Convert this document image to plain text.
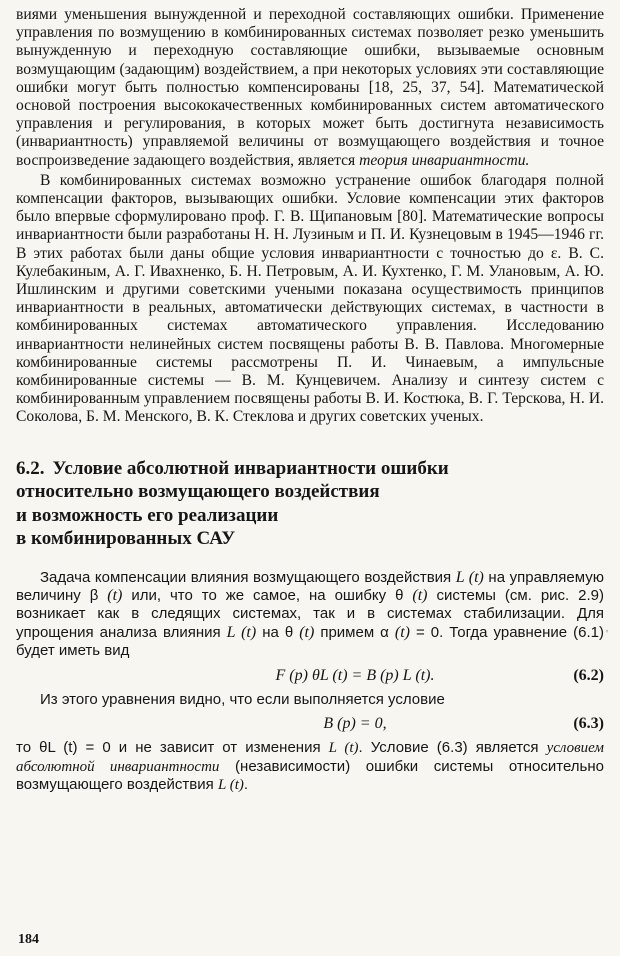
виями уменьшения вынужденной и переходной составляющих ошибки. Применение управления по возмущению в комбинированных системах позволяет резко уменьшить вынужденную и переходную составляющие ошибки, вызываемые основным возмущающим (задающим) воздействием, а при некоторых условиях эти составляющие ошибки могут быть полностью компенсированы [18, 25, 37, 54]. Математической основой построения высококачественных комбинированных систем автоматического управления и регулирования, в которых может быть достигнута независимость (инвариантность) управляемой величины от возмущающего воздействия и точное воспроизведение задающего воздействия, является теория инвариантности.

В комбинированных системах возможно устранение ошибок благодаря полной компенсации факторов, вызывающих ошибки. Условие компенсации этих факторов было впервые сформулировано проф. Г. В. Щипановым [80]. Математические вопросы инвариантности были разработаны Н. Н. Лузиным и П. И. Кузнецовым в 1945—1946 гг. В этих работах были даны общие условия инвариантности с точностью до ε. В. С. Кулебакиным, А. Г. Ивахненко, Б. Н. Петровым, А. И. Кухтенко, Г. М. Улановым, А. Ю. Ишлинским и другими советскими учеными показана осуществимость принципов инвариантности в реальных, автоматически действующих системах, в частности в комбинированных системах автоматического управления. Исследованию инвариантности нелинейных систем посвящены работы В. В. Павлова. Многомерные комбинированные системы рассмотрены П. И. Чинаевым, а импульсные комбинированные системы — В. М. Кунцевичем. Анализу и синтезу систем с комбинированным управлением посвящены работы В. И. Костюка, В. Г. Терскова, Н. И. Соколова, Б. М. Менского, В. К. Стеклова и других советских ученых.

6.2. Условие абсолютной инвариантности ошибки
относительно возмущающего воздействия
и возможность его реализации
в комбинированных САУ

Задача компенсации влияния возмущающего воздействия L (t) на управляемую величину β (t) или, что то же самое, на ошибку θ (t) системы (см. рис. 2.9) возникает как в следящих системах, так и в системах стабилизации. Для упрощения анализа влияния L (t) на θ (t) примем α (t) = 0. Тогда уравнение (6.1) будет иметь вид

F (p) θL (t) = B (p) L (t).	(6.2)

Из этого уравнения видно, что если выполняется условие

B (p) = 0,	(6.3)

то θL (t) = 0 и не зависит от изменения L (t). Условие (6.3) является условием абсолютной инвариантности (независимости) ошибки системы относительно возмущающего воздействия L (t).

184
'
